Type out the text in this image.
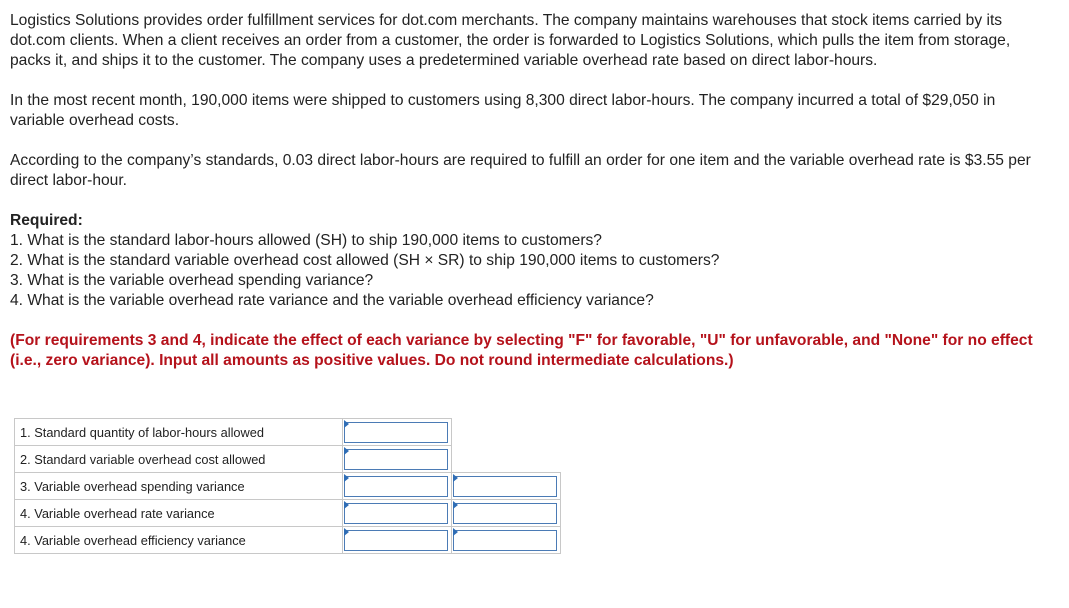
Logistics Solutions provides order fulfillment services for dot.com merchants. The company maintains warehouses that stock items carried by its dot.com clients. When a client receives an order from a customer, the order is forwarded to Logistics Solutions, which pulls the item from storage, packs it, and ships it to the customer. The company uses a predetermined variable overhead rate based on direct labor-hours.

In the most recent month, 190,000 items were shipped to customers using 8,300 direct labor-hours. The company incurred a total of $29,050 in variable overhead costs.

According to the company’s standards, 0.03 direct labor-hours are required to fulfill an order for one item and the variable overhead rate is $3.55 per direct labor-hour.

Required:

1. What is the standard labor-hours allowed (SH) to ship 190,000 items to customers?

2. What is the standard variable overhead cost allowed (SH × SR) to ship 190,000 items to customers?

3. What is the variable overhead spending variance?

4. What is the variable overhead rate variance and the variable overhead efficiency variance?

(For requirements 3 and 4, indicate the effect of each variance by selecting "F" for favorable, "U" for unfavorable, and "None" for no effect (i.e., zero variance). Input all amounts as positive values. Do not round intermediate calculations.)

1. Standard quantity of labor-hours allowed	

2. Standard variable overhead cost allowed	

3. Variable overhead spending variance	

4. Variable overhead rate variance	

4. Variable overhead efficiency variance	
